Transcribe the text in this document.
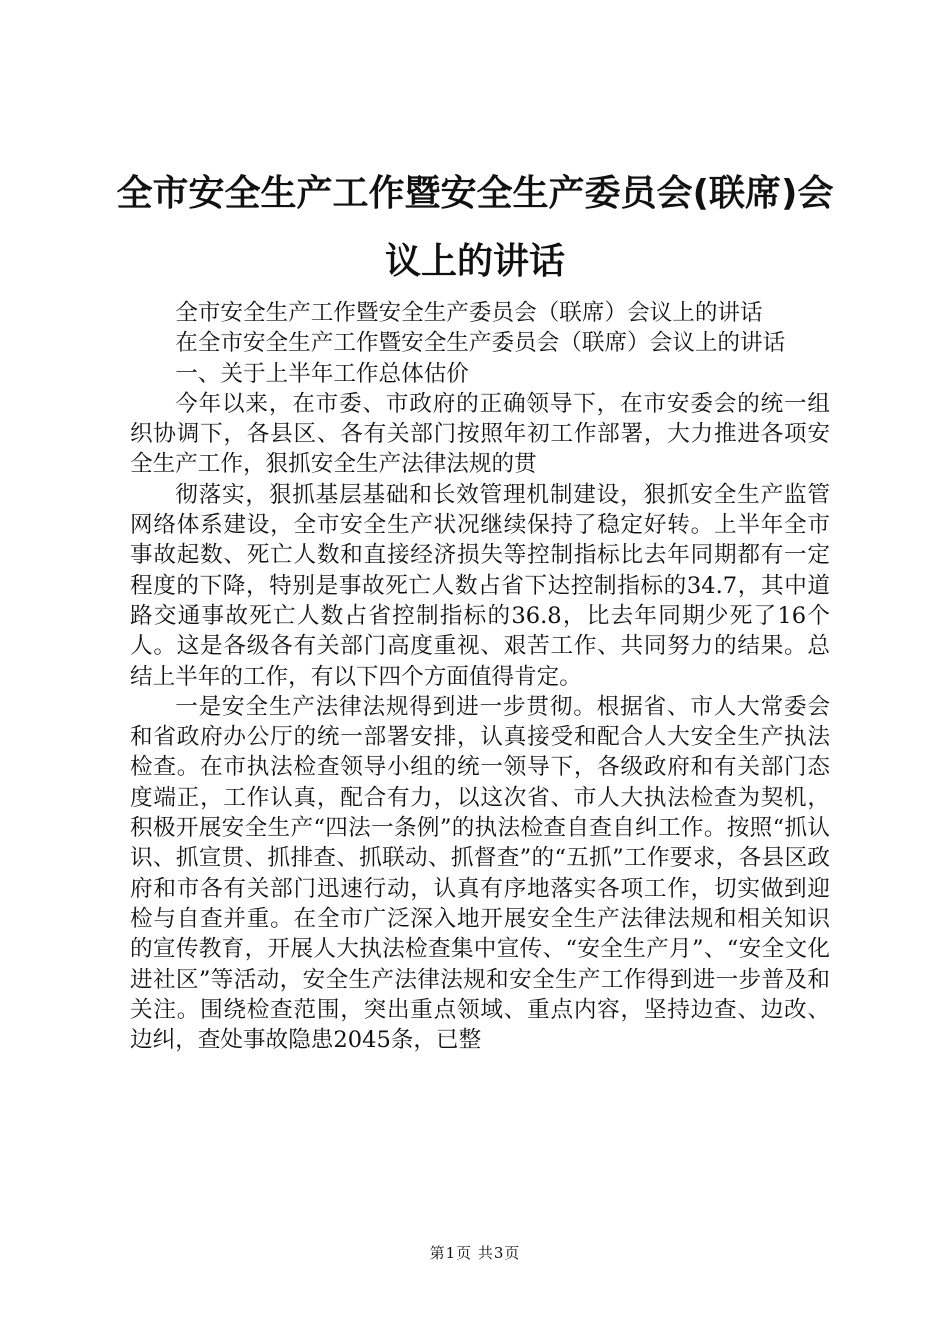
全市安全生产工作暨安全生产委员会(联席)会议上的讲话

全市安全生产工作暨安全生产委员会（联席）会议上的讲话

在全市安全生产工作暨安全生产委员会（联席）会议上的讲话

一、关于上半年工作总体估价

今年以来，在市委、市政府的正确领导下，在市安委会的统一组织协调下，各县区、各有关部门按照年初工作部署，大力推进各项安全生产工作，狠抓安全生产法律法规的贯

彻落实，狠抓基层基础和长效管理机制建设，狠抓安全生产监管网络体系建设，全市安全生产状况继续保持了稳定好转。上半年全市事故起数、死亡人数和直接经济损失等控制指标比去年同期都有一定程度的下降，特别是事故死亡人数占省下达控制指标的34.7，其中道路交通事故死亡人数占省控制指标的36.8，比去年同期少死了16个人。这是各级各有关部门高度重视、艰苦工作、共同努力的结果。总结上半年的工作，有以下四个方面值得肯定。

一是安全生产法律法规得到进一步贯彻。根据省、市人大常委会和省政府办公厅的统一部署安排，认真接受和配合人大安全生产执法检查。在市执法检查领导小组的统一领导下，各级政府和有关部门态度端正，工作认真，配合有力，以这次省、市人大执法检查为契机，积极开展安全生产“四法一条例”的执法检查自查自纠工作。按照“抓认识、抓宣贯、抓排查、抓联动、抓督查”的“五抓”工作要求，各县区政府和市各有关部门迅速行动，认真有序地落实各项工作，切实做到迎检与自查并重。在全市广泛深入地开展安全生产法律法规和相关知识的宣传教育，开展人大执法检查集中宣传、“安全生产月”、“安全文化进社区”等活动，安全生产法律法规和安全生产工作得到进一步普及和关注。围绕检查范围，突出重点领域、重点内容，坚持边查、边改、边纠，查处事故隐患2045条，已整

第1页 共3页
